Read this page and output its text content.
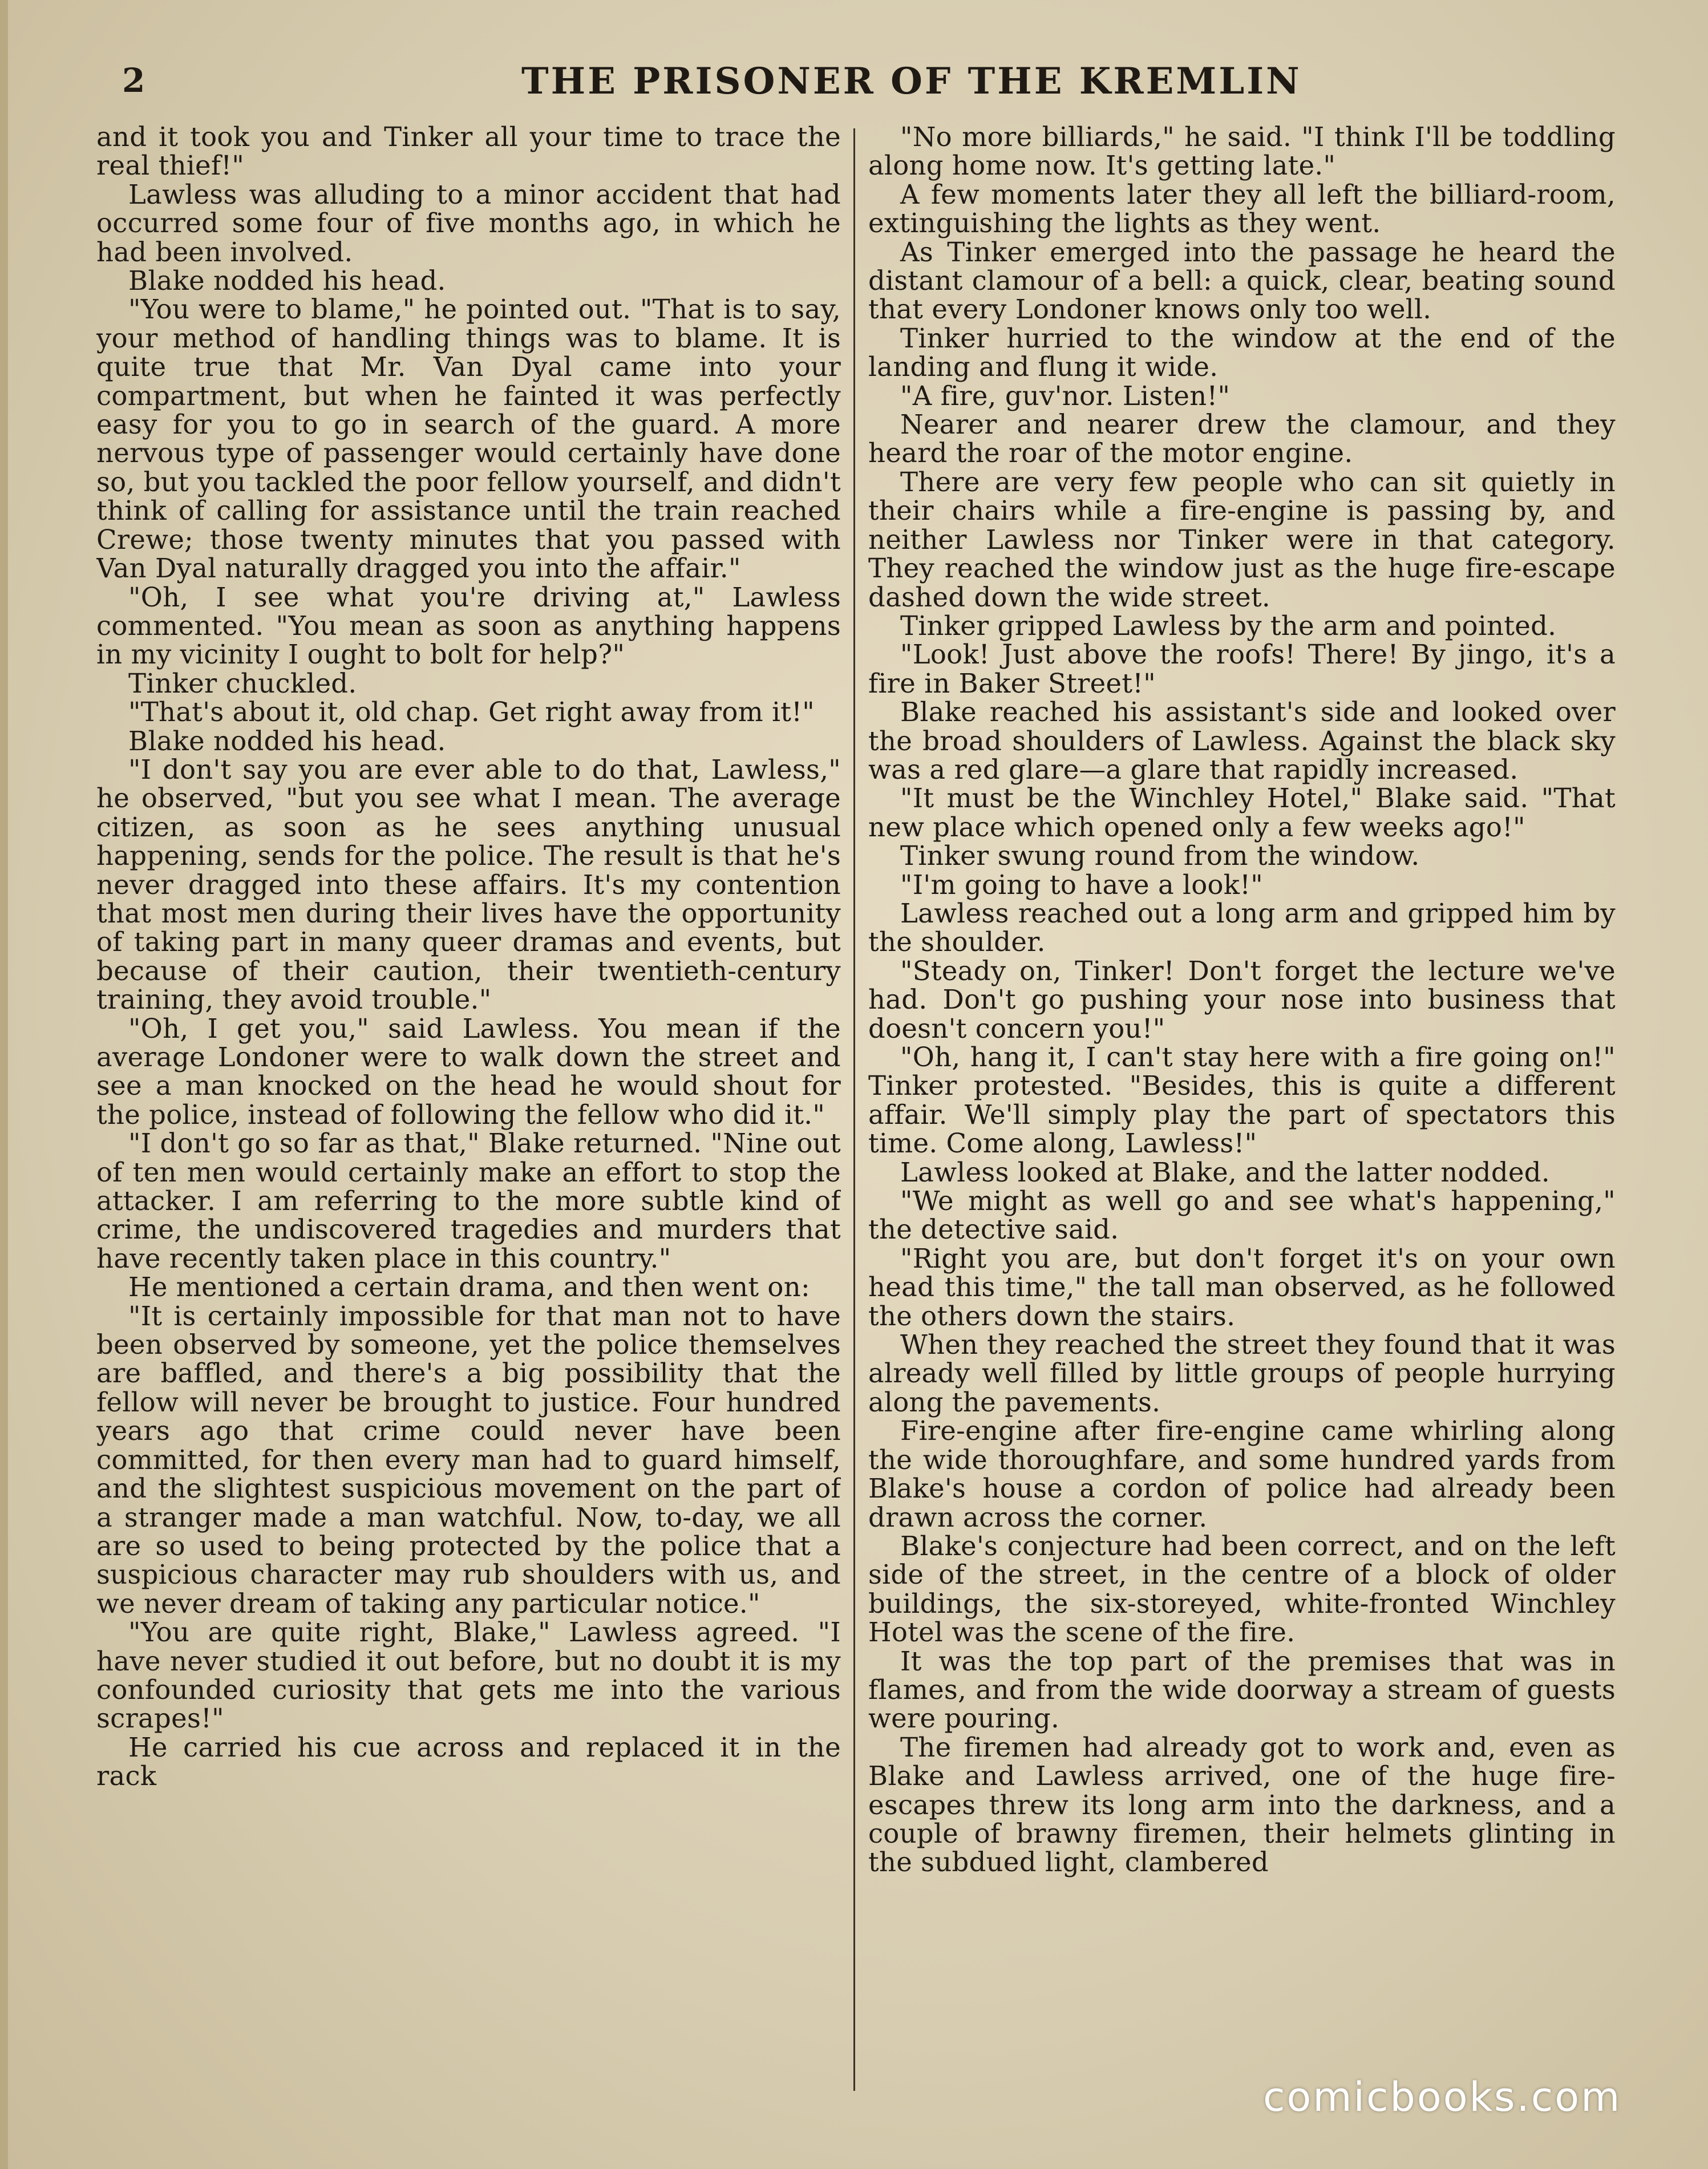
2	THE PRISONER OF THE KREMLIN

and it took you and Tinker all your time to trace the real thief!"

Lawless was alluding to a minor accident that had occurred some four of five months ago, in which he had been involved.

Blake nodded his head.

"You were to blame," he pointed out. "That is to say, your method of handling things was to blame. It is quite true that Mr. Van Dyal came into your compartment, but when he fainted it was perfectly easy for you to go in search of the guard. A more nervous type of passenger would certainly have done so, but you tackled the poor fellow yourself, and didn't think of calling for assistance until the train reached Crewe; those twenty minutes that you passed with Van Dyal naturally dragged you into the affair."

"Oh, I see what you're driving at," Lawless commented. "You mean as soon as anything happens in my vicinity I ought to bolt for help?"

Tinker chuckled.

"That's about it, old chap. Get right away from it!"

Blake nodded his head.

"I don't say you are ever able to do that, Lawless," he observed, "but you see what I mean. The average citizen, as soon as he sees anything unusual happening, sends for the police. The result is that he's never dragged into these affairs. It's my contention that most men during their lives have the opportunity of taking part in many queer dramas and events, but because of their caution, their twentieth-century training, they avoid trouble."

"Oh, I get you," said Lawless. You mean if the average Londoner were to walk down the street and see a man knocked on the head he would shout for the police, instead of following the fellow who did it."

"I don't go so far as that," Blake returned. "Nine out of ten men would certainly make an effort to stop the attacker. I am referring to the more subtle kind of crime, the undiscovered tragedies and murders that have recently taken place in this country."

He mentioned a certain drama, and then went on:

"It is certainly impossible for that man not to have been observed by someone, yet the police themselves are baffled, and there's a big possibility that the fellow will never be brought to justice. Four hundred years ago that crime could never have been committed, for then every man had to guard himself, and the slightest suspicious movement on the part of a stranger made a man watchful. Now, to-day, we all are so used to being protected by the police that a suspicious character may rub shoulders with us, and we never dream of taking any particular notice."

"You are quite right, Blake," Lawless agreed. "I have never studied it out before, but no doubt it is my confounded curiosity that gets me into the various scrapes!"

He carried his cue across and replaced it in the rack

"No more billiards," he said. "I think I'll be toddling along home now. It's getting late."

A few moments later they all left the billiard-room, extinguishing the lights as they went.

As Tinker emerged into the passage he heard the distant clamour of a bell: a quick, clear, beating sound that every Londoner knows only too well.

Tinker hurried to the window at the end of the landing and flung it wide.

"A fire, guv'nor. Listen!"

Nearer and nearer drew the clamour, and they heard the roar of the motor engine.

There are very few people who can sit quietly in their chairs while a fire-engine is passing by, and neither Lawless nor Tinker were in that category. They reached the window just as the huge fire-escape dashed down the wide street.

Tinker gripped Lawless by the arm and pointed.

"Look! Just above the roofs! There! By jingo, it's a fire in Baker Street!"

Blake reached his assistant's side and looked over the broad shoulders of Lawless. Against the black sky was a red glare—a glare that rapidly increased.

"It must be the Winchley Hotel," Blake said. "That new place which opened only a few weeks ago!"

Tinker swung round from the window.

"I'm going to have a look!"

Lawless reached out a long arm and gripped him by the shoulder.

"Steady on, Tinker! Don't forget the lecture we've had. Don't go pushing your nose into business that doesn't concern you!"

"Oh, hang it, I can't stay here with a fire going on!" Tinker protested. "Besides, this is quite a different affair. We'll simply play the part of spectators this time. Come along, Lawless!"

Lawless looked at Blake, and the latter nodded.

"We might as well go and see what's happening," the detective said.

"Right you are, but don't forget it's on your own head this time," the tall man observed, as he followed the others down the stairs.

When they reached the street they found that it was already well filled by little groups of people hurrying along the pavements.

Fire-engine after fire-engine came whirling along the wide thoroughfare, and some hundred yards from Blake's house a cordon of police had already been drawn across the corner.

Blake's conjecture had been correct, and on the left side of the street, in the centre of a block of older buildings, the six-storeyed, white-fronted Winchley Hotel was the scene of the fire.

It was the top part of the premises that was in flames, and from the wide doorway a stream of guests were pouring.

The firemen had already got to work and, even as Blake and Lawless arrived, one of the huge fire-escapes threw its long arm into the darkness, and a couple of brawny firemen, their helmets glinting in the subdued light, clambered

comicbooks.com
